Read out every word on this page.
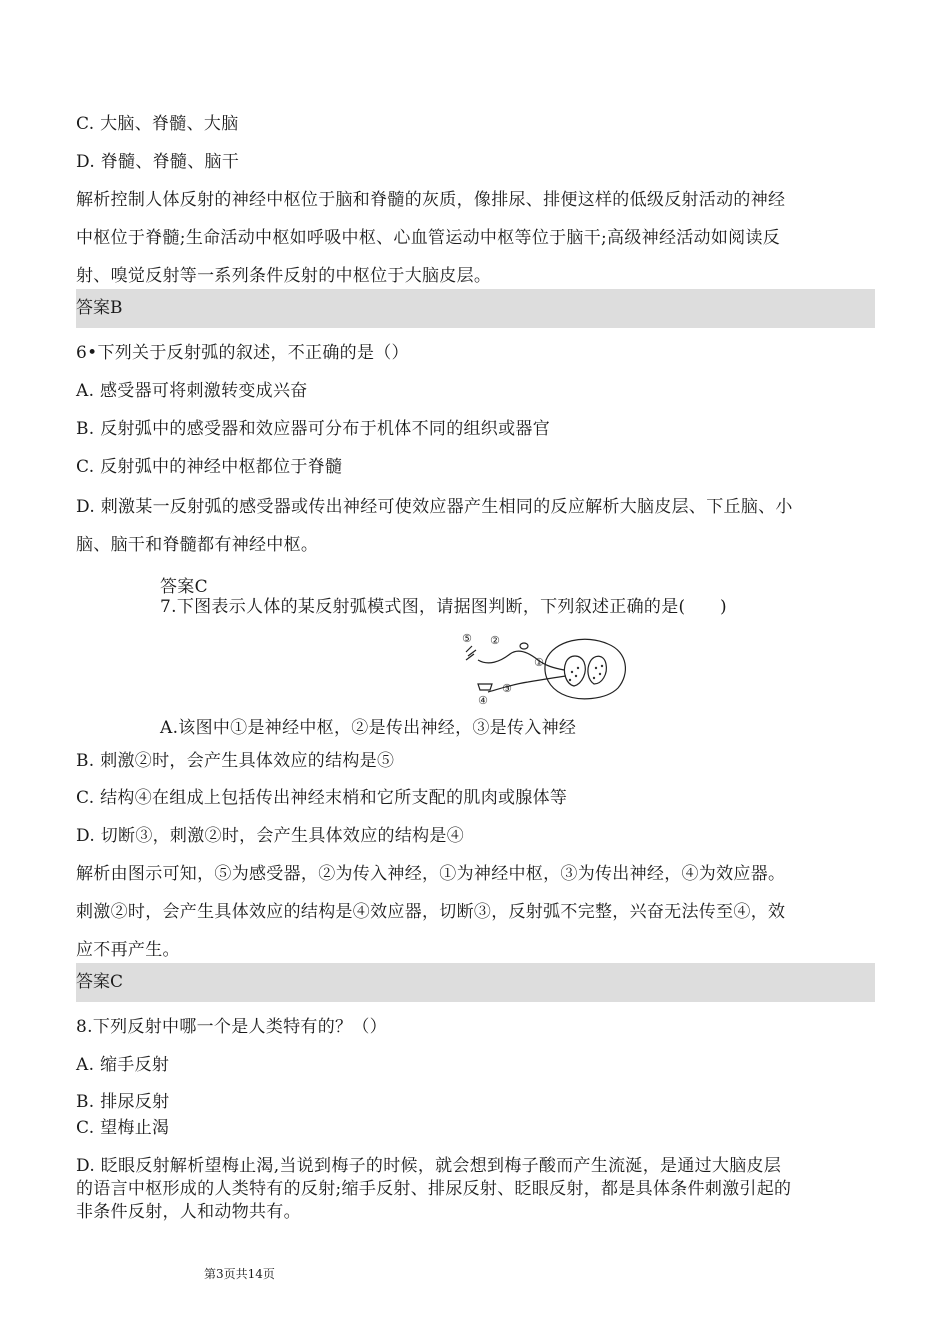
C. 大脑、脊髓、大脑
D. 脊髓、脊髓、脑干
解析控制人体反射的神经中枢位于脑和脊髓的灰质，像排尿、排便这样的低级反射活动的神经
中枢位于脊髓;生命活动中枢如呼吸中枢、心血管运动中枢等位于脑干;高级神经活动如阅读反
射、嗅觉反射等一系列条件反射的中枢位于大脑皮层。
答案B
6•下列关于反射弧的叙述，不正确的是（）
A. 感受器可将刺激转变成兴奋
B. 反射弧中的感受器和效应器可分布于机体不同的组织或器官
C. 反射弧中的神经中枢都位于脊髓
D. 刺激某一反射弧的感受器或传出神经可使效应器产生相同的反应解析大脑皮层、下丘脑、小
脑、脑干和脊髓都有神经中枢。
答案C
7.下图表示人体的某反射弧模式图，请据图判断，下列叙述正确的是(　　)
⑤ ②
①
③
④
A.该图中①是神经中枢，②是传出神经，③是传入神经
B. 刺激②时，会产生具体效应的结构是⑤
C. 结构④在组成上包括传出神经末梢和它所支配的肌肉或腺体等
D. 切断③，刺激②时，会产生具体效应的结构是④
解析由图示可知，⑤为感受器，②为传入神经，①为神经中枢，③为传出神经，④为效应器。
刺激②时，会产生具体效应的结构是④效应器，切断③，反射弧不完整，兴奋无法传至④，效
应不再产生。
答案C
8.下列反射中哪一个是人类特有的？（）
A. 缩手反射
B. 排尿反射
C. 望梅止渴
D. 眨眼反射解析望梅止渴,当说到梅子的时候，就会想到梅子酸而产生流涎，是通过大脑皮层
的语言中枢形成的人类特有的反射;缩手反射、排尿反射、眨眼反射，都是具体条件刺激引起的
非条件反射，人和动物共有。
第3页共14页
